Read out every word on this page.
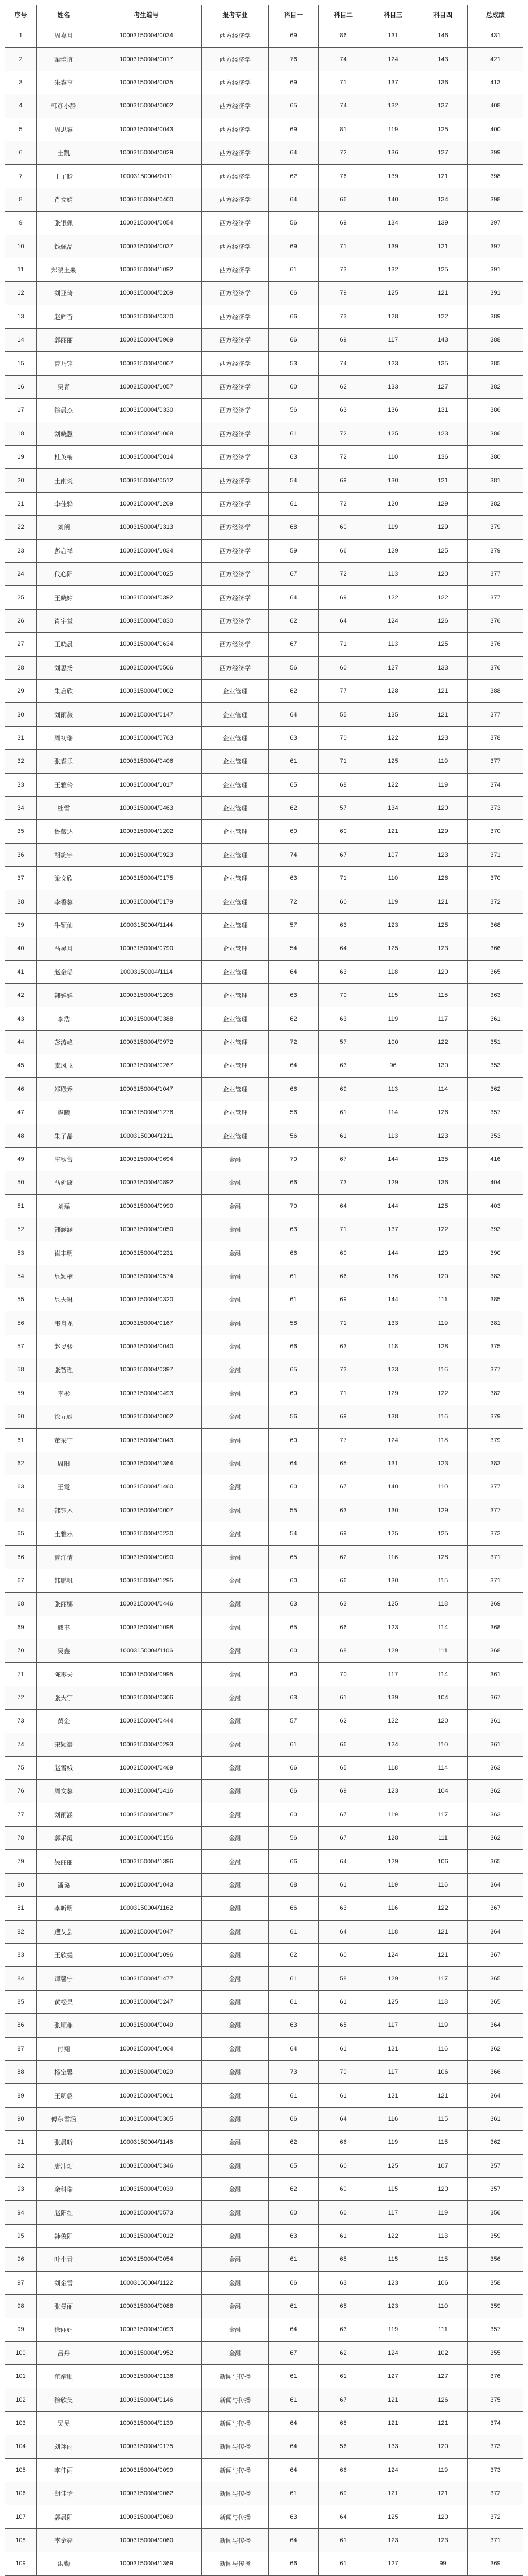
序号	姓名	考生编号	报考专业	科目一	科目二	科目三	科目四	总成绩
1	周嘉月	10003150004/0034	西方经济学	69	86	131	146	431
2	梁培谊	10003150004/0017	西方经济学	76	74	124	143	421
3	朱睿亨	10003150004/0035	西方经济学	69	71	137	136	413
4	韩彦小静	10003150004/0002	西方经济学	65	74	132	137	408
5	周思睿	10003150004/0043	西方经济学	69	81	119	125	400
6	王凯	10003150004/0029	西方经济学	64	72	136	127	399
7	王子晗	10003150004/0011	西方经济学	62	76	139	121	398
8	肖文婧	10003150004/0400	西方经济学	64	66	140	134	398
9	张银佩	10003150004/0054	西方经济学	56	69	134	139	397
10	钱佩晶	10003150004/0037	西方经济学	69	71	139	121	397
11	郑晓玉果	10003150004/1092	西方经济学	61	73	132	125	391
12	刘亚琦	10003150004/0209	西方经济学	66	79	125	121	391
13	赵辉奋	10003150004/0370	西方经济学	66	73	128	122	389
14	郭丽丽	10003150004/0969	西方经济学	66	69	117	143	388
15	曹乃铭	10003150004/0007	西方经济学	53	74	123	135	385
16	吴青	10003150004/1057	西方经济学	60	62	133	127	382
17	徐晨杰	10003150004/0330	西方经济学	56	63	136	131	386
18	刘晓慧	10003150004/1068	西方经济学	61	72	125	123	386
19	杜英楠	10003150004/0014	西方经济学	63	72	110	136	380
20	王雨炎	10003150004/0512	西方经济学	54	69	130	121	381
21	李佳骅	10003150004/1209	西方经济学	61	72	120	129	382
22	刘朗	10003150004/1313	西方经济学	68	60	119	129	379
23	彭启祥	10003150004/1034	西方经济学	59	66	129	125	379
24	代心阳	10003150004/0025	西方经济学	67	72	113	120	377
25	王晓婷	10003150004/0392	西方经济学	64	69	122	122	377
26	肖宇堂	10003150004/0830	西方经济学	62	64	124	126	376
27	王晓晨	10003150004/0634	西方经济学	67	71	113	125	376
28	刘思扬	10003150004/0506	西方经济学	56	60	127	133	376
29	朱启欣	10003150004/0002	企业管理	62	77	128	121	388
30	刘雨薇	10003150004/0147	企业管理	64	55	135	121	377
31	周初瑞	10003150004/0763	企业管理	63	70	122	123	378
32	张睿乐	10003150004/0406	企业管理	61	71	125	119	377
33	王雅玲	10003150004/1017	企业管理	65	68	122	119	374
34	杜雪	10003150004/0463	企业管理	62	57	134	120	373
35	鲁薇达	10003150004/1202	企业管理	60	60	121	129	370
36	胡旋宇	10003150004/0923	企业管理	74	67	107	123	371
37	梁文欣	10003150004/0175	企业管理	63	71	110	126	370
38	李香蓉	10003150004/0179	企业管理	72	60	119	121	372
39	牛颖仙	10003150004/1144	企业管理	57	63	123	125	368
40	马昊月	10003150004/0790	企业管理	54	64	125	123	366
41	赵金瑶	10003150004/1114	企业管理	64	63	118	120	365
42	韩婵婵	10003150004/1205	企业管理	63	70	115	115	363
43	李浩	10003150004/0388	企业管理	62	63	119	117	361
44	彭涛峰	10003150004/0972	企业管理	72	57	100	122	351
45	虞风飞	10003150004/0267	企业管理	64	63	96	130	353
46	郑殿乔	10003150004/1047	企业管理	66	69	113	114	362
47	赵曦	10003150004/1276	企业管理	56	61	114	126	357
48	朱子晶	10003150004/1211	企业管理	56	61	113	123	353
49	庄秋蕾	10003150004/0694	金融	70	67	144	135	416
50	马延康	10003150004/0892	金融	66	73	129	136	404
51	刘磊	10003150004/0990	金融	70	64	144	125	403
52	韩涵涵	10003150004/0050	金融	63	71	137	122	393
53	崔丰明	10003150004/0231	金融	66	60	144	120	390
54	晁颖楠	10003150004/0574	金融	61	66	136	120	383
55	晁天琳	10003150004/0320	金融	61	69	144	111	385
56	韦舟龙	10003150004/0167	金融	58	71	133	119	381
57	赵旻骏	10003150004/0040	金融	66	63	118	128	375
58	张智理	10003150004/0397	金融	65	73	123	116	377
59	李彬	10003150004/0493	金融	60	71	129	122	382
60	徐元姐	10003150004/0002	金融	56	69	138	116	379
61	董采宁	10003150004/0043	金融	60	77	124	118	379
62	周阳	10003150004/1364	金融	64	65	131	123	383
63	王霞	10003150004/1460	金融	60	67	140	110	377
64	韩钰木	10003150004/0007	金融	55	63	130	129	377
65	王雅乐	10003150004/0230	金融	54	69	125	125	373
66	曹洋倩	10003150004/0090	金融	65	62	116	128	371
67	韩鹏帆	10003150004/1295	金融	60	66	130	115	371
68	张丽娜	10003150004/0446	金融	63	63	125	118	369
69	戚丰	10003150004/1098	金融	65	66	123	114	368
70	吴鑫	10003150004/1106	金融	60	68	129	111	368
71	陈零夫	10003150004/0995	金融	60	70	117	114	361
72	张天宇	10003150004/0306	金融	63	61	139	104	367
73	黄金	10003150004/0444	金融	57	62	122	120	361
74	宋颖豪	10003150004/0293	金融	61	66	124	110	361
75	赵雪娥	10003150004/0469	金融	66	65	118	114	363
76	周文蓉	10003150004/1416	金融	66	69	123	104	362
77	刘雨涵	10003150004/0067	金融	60	67	119	117	363
78	郭采霞	10003150004/0156	金融	56	67	128	111	362
79	吴丽丽	10003150004/1396	金融	66	64	129	106	365
80	潘璐	10003150004/1043	金融	68	61	119	116	364
81	李昕明	10003150004/1162	金融	66	63	116	122	367
82	遭艾芸	10003150004/0047	金融	61	64	118	121	364
83	王欣缇	10003150004/1096	金融	62	60	124	121	367
84	谭馨宁	10003150004/1477	金融	61	58	129	117	365
85	黄松果	10003150004/0247	金融	61	61	125	118	365
86	张顺菲	10003150004/0049	金融	63	65	117	119	364
87	付翔	10003150004/1004	金融	64	61	121	116	362
88	杨宝馨	10003150004/0029	金融	73	70	117	106	366
89	王明璐	10003150004/0001	金融	61	61	121	121	364
90	傅东雪涵	10003150004/0305	金融	66	64	116	115	361
91	张晨昕	10003150004/1148	金融	62	66	119	115	362
92	唐沛灿	10003150004/0346	金融	65	60	125	107	357
93	余科瑞	10003150004/0039	金融	62	60	115	120	357
94	赵阳红	10003150004/0573	金融	60	60	117	119	356
95	韩俊阳	10003150004/0012	金融	63	61	122	113	359
96	叶小青	10003150004/0054	金融	61	65	115	115	356
97	刘金雪	10003150004/1122	金融	66	63	123	106	358
98	张曼丽	10003150004/0088	金融	61	65	123	110	359
99	徐丽娟	10003150004/0093	金融	64	63	119	111	357
100	吕丹	10003150004/1952	金融	67	62	124	102	355
101	范靖顺	10003150004/0136	新闻与传播	61	61	127	127	376
102	徐欣芙	10003150004/0146	新闻与传播	61	67	121	126	375
103	吴昊	10003150004/0139	新闻与传播	64	68	121	121	374
104	刘翔雨	10003150004/0175	新闻与传播	64	56	133	120	373
105	李佳雨	10003150004/0099	新闻与传播	64	66	124	119	373
106	胡佳怡	10003150004/0062	新闻与传播	61	69	121	121	372
107	郭晨阳	10003150004/0069	新闻与传播	63	64	125	120	372
108	李金亮	10003150004/0060	新闻与传播	64	61	123	123	371
109	洪勤	10003150004/1369	新闻与传播	66	61	127	99	369
